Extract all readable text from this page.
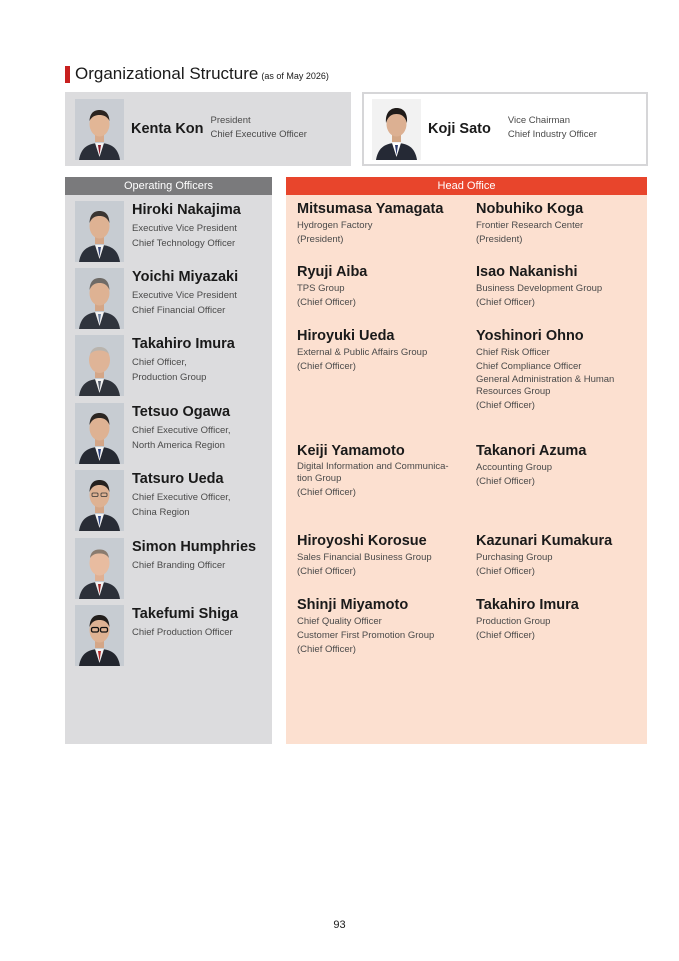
Organizational Structure (as of May 2026)
Kenta Kon
President
Chief Executive Officer	Koji Sato
Vice Chairman
Chief Industry Officer
Operating Officers
Hiroki Nakajima
Executive Vice President
Chief Technology Officer
Yoichi Miyazaki
Executive Vice President
Chief Financial Officer
Takahiro Imura
Chief Officer,
Production Group
Tetsuo Ogawa
Chief Executive Officer,
North America Region
Tatsuro Ueda
Chief Executive Officer,
China Region
Simon Humphries
Chief Branding Officer
Takefumi Shiga
Chief Production Officer
Head Office
Mitsumasa Yamagata
Hydrogen Factory
(President)
Nobuhiko Koga
Frontier Research Center
(President)
Ryuji Aiba
TPS Group
(Chief Officer)
Isao Nakanishi
Business Development Group
(Chief Officer)
Hiroyuki Ueda
External & Public Affairs Group
(Chief Officer)
Yoshinori Ohno
Chief Risk Officer
Chief Compliance Officer
General Administration & Human Resources Group
(Chief Officer)
Keiji Yamamoto
Digital Information and Communica-tion Group
(Chief Officer)
Takanori Azuma
Accounting Group
(Chief Officer)
Hiroyoshi Korosue
Sales Financial Business Group
(Chief Officer)
Kazunari Kumakura
Purchasing Group
(Chief Officer)
Shinji Miyamoto
Chief Quality Officer
Customer First Promotion Group
(Chief Officer)
Takahiro Imura
Production Group
(Chief Officer)
93
